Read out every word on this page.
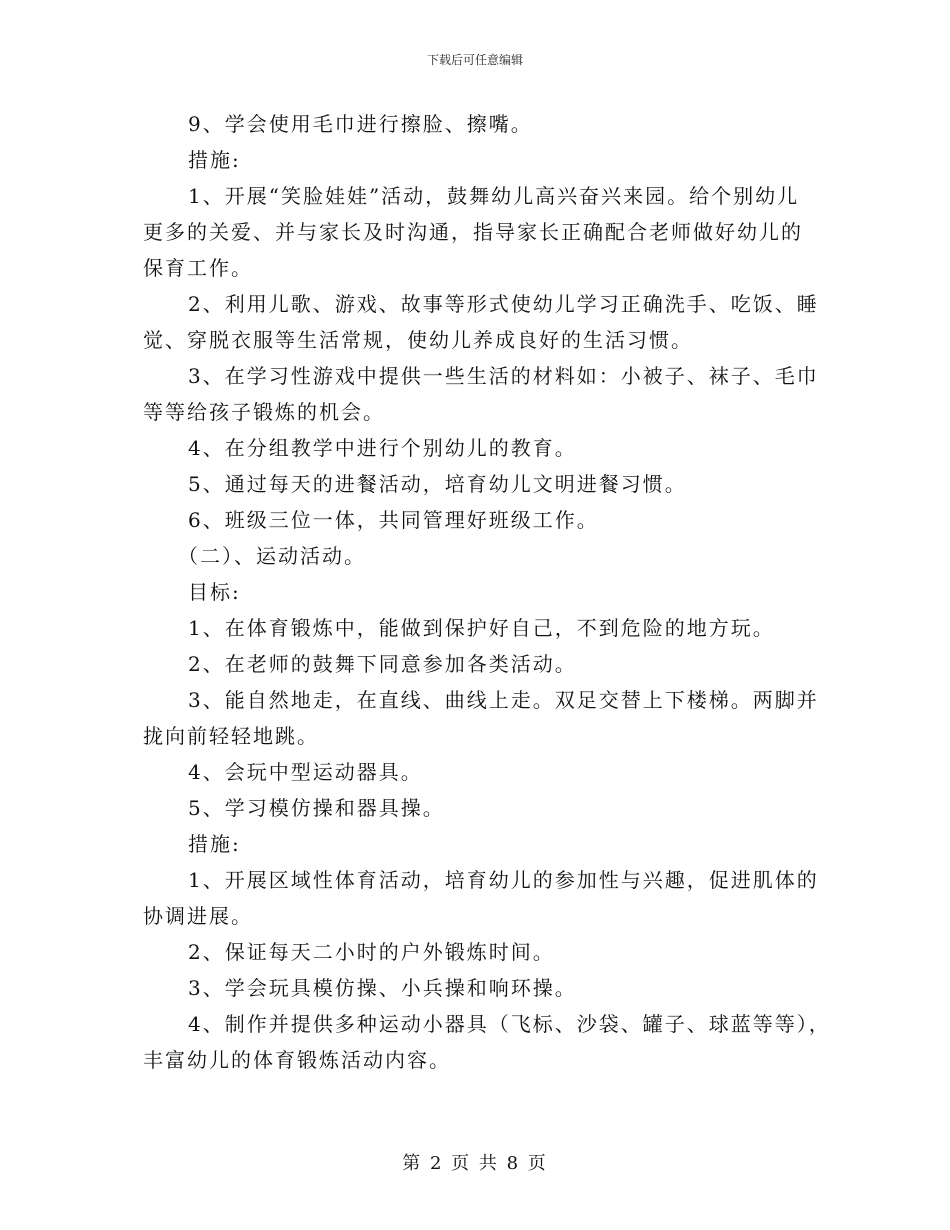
下载后可任意编辑

9、学会使用毛巾进行擦脸、擦嘴。

措施:

1、开展“笑脸娃娃”活动，鼓舞幼儿高兴奋兴来园。给个别幼儿

更多的关爱、并与家长及时沟通，指导家长正确配合老师做好幼儿的

保育工作。

2、利用儿歌、游戏、故事等形式使幼儿学习正确洗手、吃饭、睡

觉、穿脱衣服等生活常规，使幼儿养成良好的生活习惯。

3、在学习性游戏中提供一些生活的材料如：小被子、袜子、毛巾

等等给孩子锻炼的机会。

4、在分组教学中进行个别幼儿的教育。

5、通过每天的进餐活动，培育幼儿文明进餐习惯。

6、班级三位一体，共同管理好班级工作。

（二）、运动活动。

目标:

1、在体育锻炼中，能做到保护好自己，不到危险的地方玩。

2、在老师的鼓舞下同意参加各类活动。

3、能自然地走，在直线、曲线上走。双足交替上下楼梯。两脚并

拢向前轻轻地跳。

4、会玩中型运动器具。

5、学习模仿操和器具操。

措施:

1、开展区域性体育活动，培育幼儿的参加性与兴趣，促进肌体的

协调进展。

2、保证每天二小时的户外锻炼时间。

3、学会玩具模仿操、小兵操和响环操。

4、制作并提供多种运动小器具（飞标、沙袋、罐子、球蓝等等），

丰富幼儿的体育锻炼活动内容。

第 2 页 共 8 页
